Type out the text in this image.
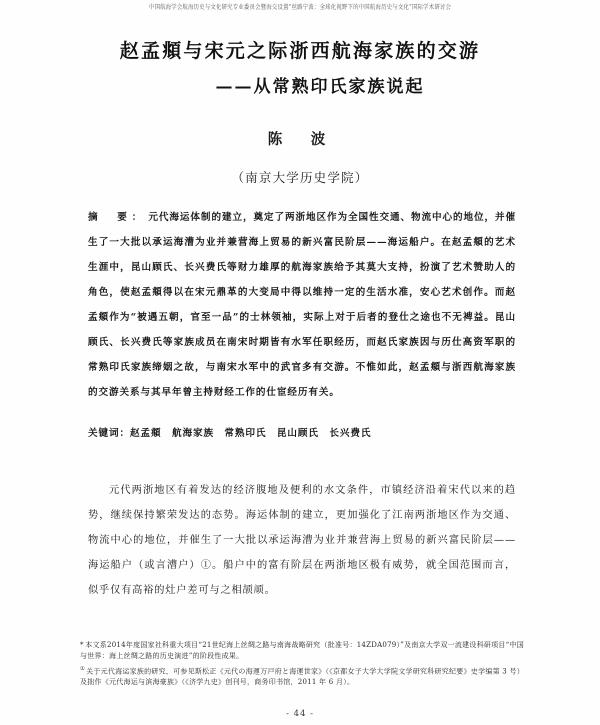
中国航海学会航海历史与文化研究专业委员会暨海交设置“丝路宁波：全球化视野下的中国航海历史与文化”国际学术研讨会
赵孟頫与宋元之际浙西航海家族的交游
——从常熟印氏家族说起
陈　波
（南京大学历史学院）

摘　要： 元代海运体制的建立，奠定了两浙地区作为全国性交通、物流中心的地位，并催生了一大批以承运海漕为业并兼营海上贸易的新兴富民阶层——海运船户。在赵孟頫的艺术生涯中，昆山顾氏、长兴费氏等财力雄厚的航海家族给予其莫大支持，扮演了艺术赞助人的角色，使赵孟頫得以在宋元鼎革的大变局中得以维持一定的生活水准，安心艺术创作。而赵孟頫作为“被遇五朝，官至一品”的士林领袖，实际上对于后者的登仕之途也不无裨益。昆山顾氏、长兴费氏等家族成员在南宋时期皆有水军任职经历，而赵氏家族因与历仕高资军职的常熟印氏家族缔姻之故，与南宋水军中的武官多有交游。不惟如此，赵孟頫与浙西航海家族的交游关系与其早年曾主持财经工作的仕宦经历有关。

关键词：赵孟頫　航海家族　常熟印氏　昆山顾氏　长兴费氏

元代两浙地区有着发达的经济腹地及便利的水文条件，市镇经济沿着宋代以来的趋势，继续保持繁荣发达的态势。海运体制的建立，更加强化了江南两浙地区作为交通、物流中心的地位，并催生了一大批以承运海漕为业并兼营海上贸易的新兴富民阶层——海运船户（或言漕户）①。船户中的富有阶层在两浙地区极有威势，就全国范围而言，似乎仅有高裕的灶户差可与之相颉颃。

* 本文系2014年度国家社科重大项目“21世纪海上丝绸之路与南海战略研究（批准号：14ZDA079）”及南京大学双一流建设科研项目“中国与世界：海上丝绸之路的历史演进”的阶段性成果。

①关于元代海运家族的研究，可参见斯松正《元代の海運万戸府と海運世家》（《京都女子大学大学院文学研究科研究纪要》史学编第 3 号）及拙作《元代海运与滨海豪族》（《济学九史》创刊号，商务印书馆，2011 年 6 月）。

- 44 -
